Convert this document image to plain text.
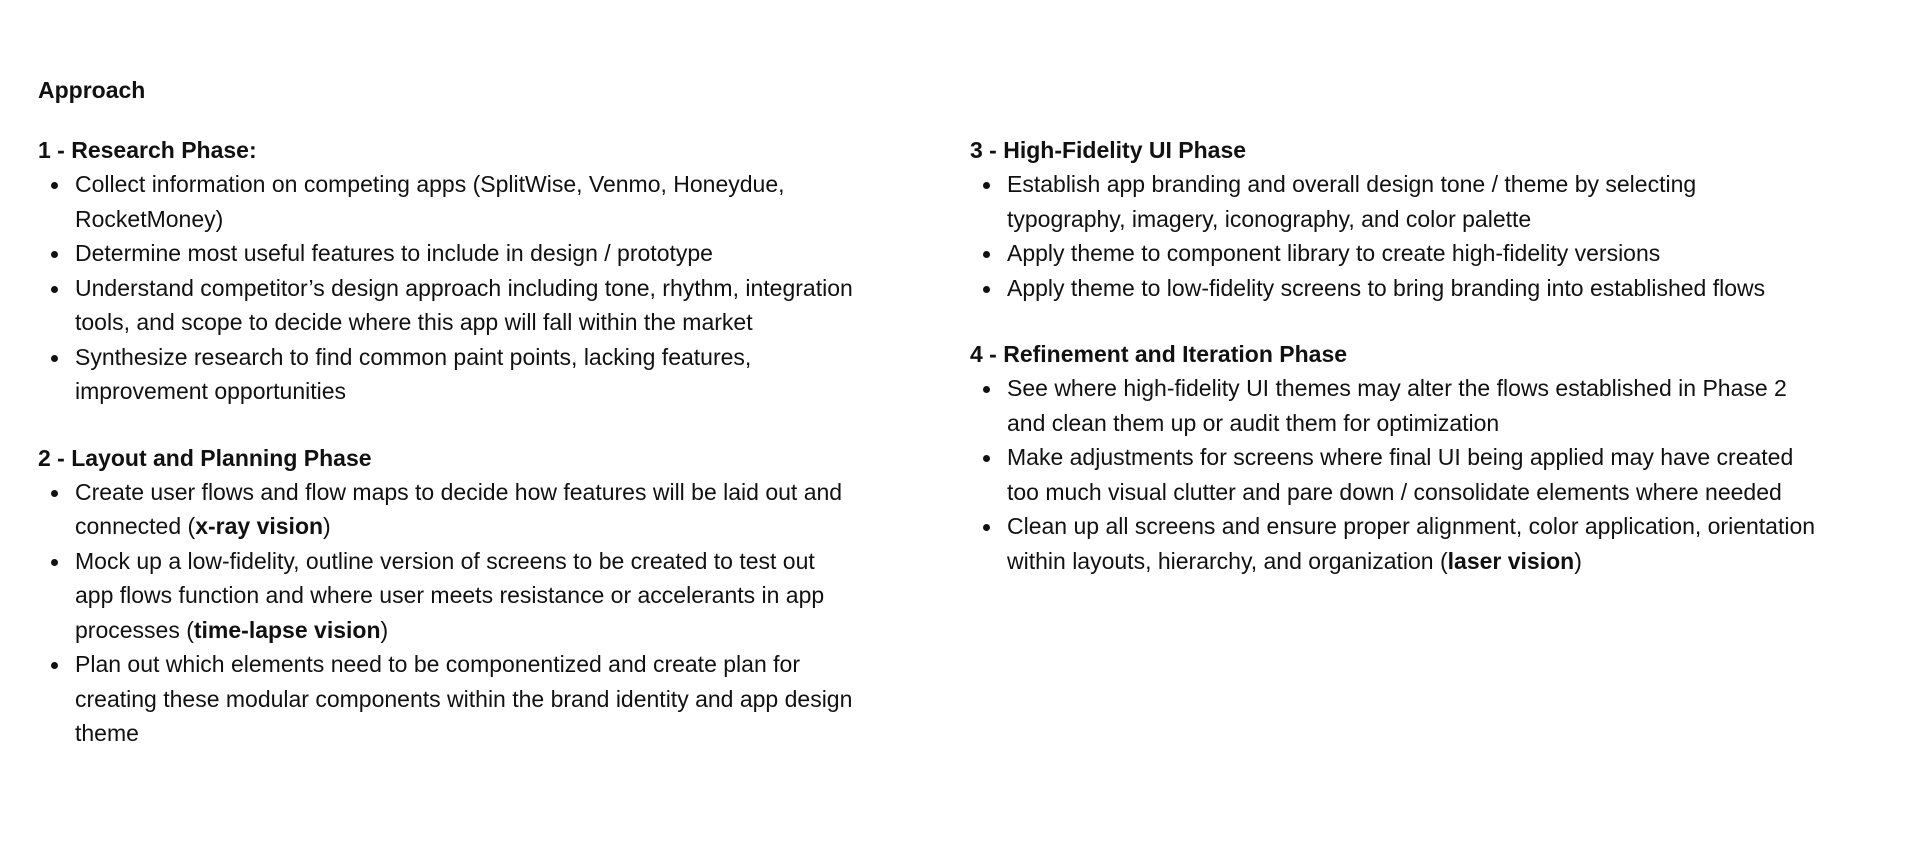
Approach

1 - Research Phase:

Collect information on competing apps (SplitWise, Venmo, Honeydue, RocketMoney)
Determine most useful features to include in design / prototype
Understand competitor’s design approach including tone, rhythm, integration tools, and scope to decide where this app will fall within the market
Synthesize research to find common paint points, lacking features, improvement opportunities

2 - Layout and Planning Phase

Create user flows and flow maps to decide how features will be laid out and connected (x-ray vision)
Mock up a low-fidelity, outline version of screens to be created to test out app flows function and where user meets resistance or accelerants in app processes (time-lapse vision)
Plan out which elements need to be componentized and create plan for creating these modular components within the brand identity and app design theme

3 - High-Fidelity UI Phase

Establish app branding and overall design tone / theme by selecting typography, imagery, iconography, and color palette
Apply theme to component library to create high-fidelity versions
Apply theme to low-fidelity screens to bring branding into established flows

4 - Refinement and Iteration Phase

See where high-fidelity UI themes may alter the flows established in Phase 2 and clean them up or audit them for optimization
Make adjustments for screens where final UI being applied may have created too much visual clutter and pare down / consolidate elements where needed
Clean up all screens and ensure proper alignment, color application, orientation within layouts, hierarchy, and organization (laser vision)
